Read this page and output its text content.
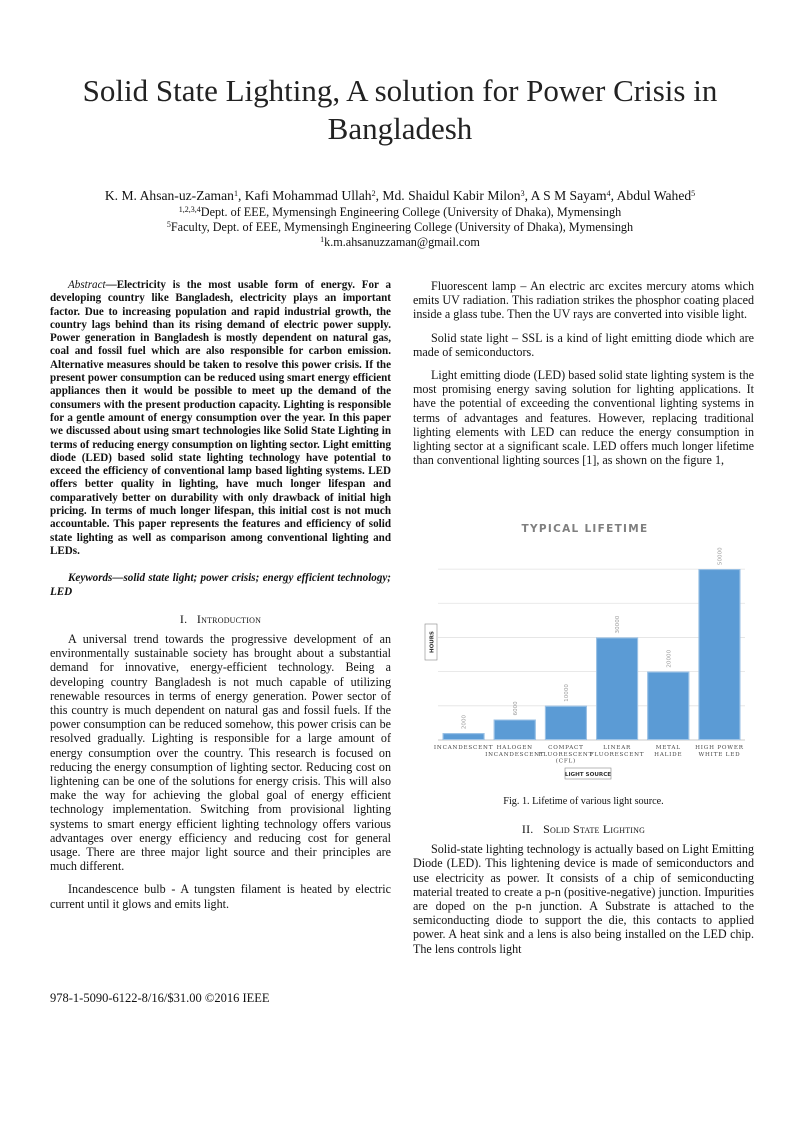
Solid State Lighting, A solution for Power Crisis in Bangladesh
K. M. Ahsan-uz-Zaman$^1$, Kafi Mohammad Ullah$^2$, Md. Shaidul Kabir Milon$^3$, A S M Sayam$^4$, Abdul Wahed$^5$
$^{1,2,3,4}$Dept. of EEE, Mymensingh Engineering College (University of Dhaka), Mymensingh
$^5$Faculty, Dept. of EEE, Mymensingh Engineering College (University of Dhaka), Mymensingh
$^1$k.m.ahsanuzzaman@gmail.com

Abstract—Electricity is the most usable form of energy. For a developing country like Bangladesh, electricity plays an important factor. Due to increasing population and rapid industrial growth, the country lags behind than its rising demand of electric power supply. Power generation in Bangladesh is mostly dependent on natural gas, coal and fossil fuel which are also responsible for carbon emission. Alternative measures should be taken to resolve this power crisis. If the present power consumption can be reduced using smart energy efficient appliances then it would be possible to meet up the demand of the consumers with the present production capacity. Lighting is responsible for a gentle amount of energy consumption over the year. In this paper we discussed about using smart technologies like Solid State Lighting in terms of reducing energy consumption on lighting sector. Light emitting diode (LED) based solid state lighting technology have potential to exceed the efficiency of conventional lamp based lighting systems. LED offers better quality in lighting, have much longer lifespan and comparatively better on durability with only drawback of initial high pricing. In terms of much longer lifespan, this initial cost is not much accountable. This paper represents the features and efficiency of solid state lighting as well as comparison among conventional lighting and LEDs.

Keywords—solid state light; power crisis; energy efficient technology; LED

I. Introduction

A universal trend towards the progressive development of an environmentally sustainable society has brought about a substantial demand for innovative, energy-efficient technology. Being a developing country Bangladesh is not much capable of utilizing renewable resources in terms of energy generation. Power sector of this country is much dependent on natural gas and fossil fuels. If the power consumption can be reduced somehow, this power crisis can be resolved gradually. Lighting is responsible for a large amount of energy consumption over the country. This research is focused on reducing the energy consumption of lighting sector. Reducing cost on lightening can be one of the solutions for energy crisis. This will also make the way for achieving the global goal of energy efficient technology implementation. Switching from provisional lighting systems to smart energy efficient lighting technology offers various advantages over energy efficiency and reducing cost for general usage. There are three major light source and their principles are much different.

Incandescence bulb - A tungsten filament is heated by electric current until it glows and emits light.

Fluorescent lamp – An electric arc excites mercury atoms which emits UV radiation. This radiation strikes the phosphor coating placed inside a glass tube. Then the UV rays are converted into visible light.

Solid state light – SSL is a kind of light emitting diode which are made of semiconductors.

Light emitting diode (LED) based solid state lighting system is the most promising energy saving solution for lighting applications. It have the potential of exceeding the conventional lighting systems in terms of advantages and features. However, replacing traditional lighting elements with LED can reduce the energy consumption in lighting sector at a significant scale. LED offers much longer lifetime than conventional lighting sources [1], as shown on the figure 1,

TYPICAL LIFETIME
HOURS
2000
INCANDESCENT
6000
HALOGEN
INCANDESCENT
10000
COMPACT
FLUORESCENT
(CFL)
30000
LINEAR
FLUORESCENT
20000
METAL
HALIDE
50000
HIGH POWER
WHITE LED
LIGHT SOURCE
Fig. 1. Lifetime of various light source.
II. Solid State Lighting

Solid-state lighting technology is actually based on Light Emitting Diode (LED). This lightening device is made of semiconductors and use electricity as power. It consists of a chip of semiconducting material treated to create a p-n (positive-negative) junction. Impurities are doped on the p-n junction. A Substrate is attached to the semiconducting diode to support the die, this contacts to applied power. A heat sink and a lens is also being installed on the LED chip. The lens controls light

978-1-5090-6122-8/16/$31.00 ©2016 IEEE
